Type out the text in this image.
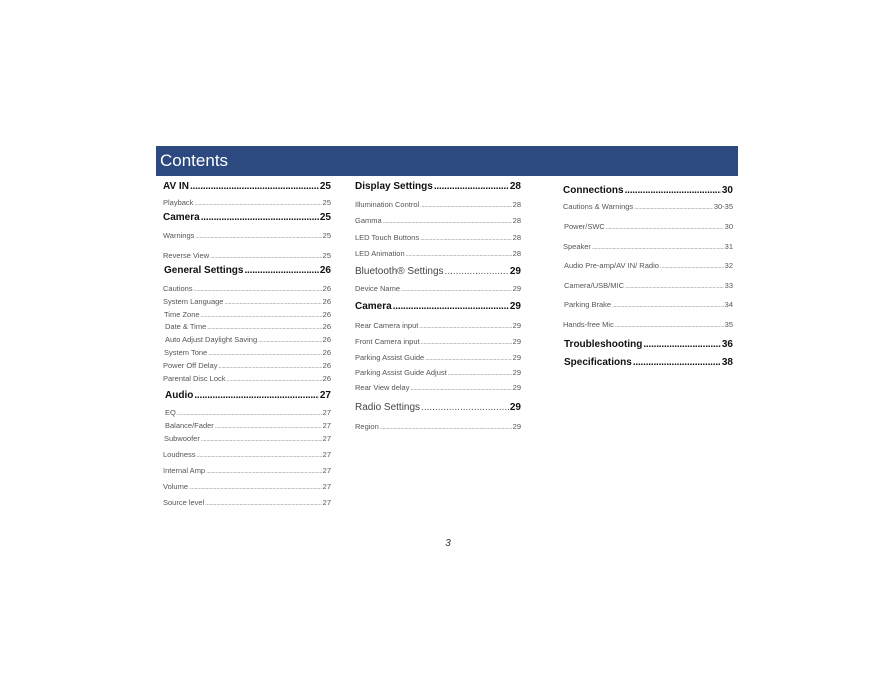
Contents
AV IN .....	25
Playback .....	25
Camera .....	25
Warnings .....	25
Reverse View .....	25
General Settings .....	26
Cautions .....	26
System Language .....	26
Time Zone .....	26
Date & Time .....	26
Auto Adjust Daylight Saving .....	26
System Tone .....	26
Power Off Delay .....	26
Parental Disc Lock .....	26
Audio .....	27
EQ .....	27
Balance/Fader .....	27
Subwoofer .....	27
Loudness .....	27
Internal Amp .....	27
Volume .....	27
Source level .....	27
Display Settings .....	28
Illumination Control .....	28
Gamma .....	28
LED Touch Buttons .....	28
LED Animation .....	28
Bluetooth® Settings .....	29
Device Name .....	29
Camera .....	29
Rear Camera input .....	29
Front Camera input .....	29
Parking Assist Guide .....	29
Parking Assist Guide Adjust .....	29
Rear View delay .....	29
Radio Settings .....	29
Region .....	29
Connections .....	30
Cautions & Warnings .....	30-35
Power/SWC .....	30
Speaker .....	31
Audio Pre-amp/AV IN/ Radio .....	32
Camera/USB/MIC .....	33
Parking Brake .....	34
Hands-free Mic .....	35
Troubleshooting .....	36
Specifications .....	38
3
